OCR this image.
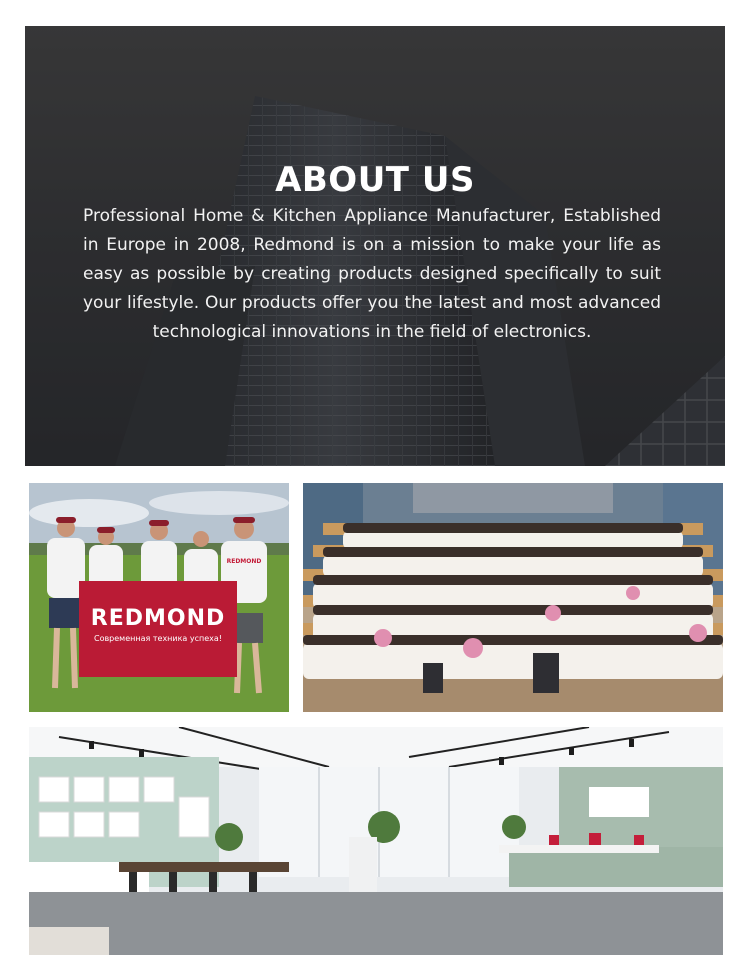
ABOUT US

Professional Home & Kitchen Appliance Manufacturer, Established in Europe in 2008, Redmond is on a mission to make your life as easy as possible by creating products designed specifically to suit your lifestyle. Our products offer you the latest and most advanced technological innovations in the field of electronics.

REDMOND
Современная техника успеха!
REDMOND
